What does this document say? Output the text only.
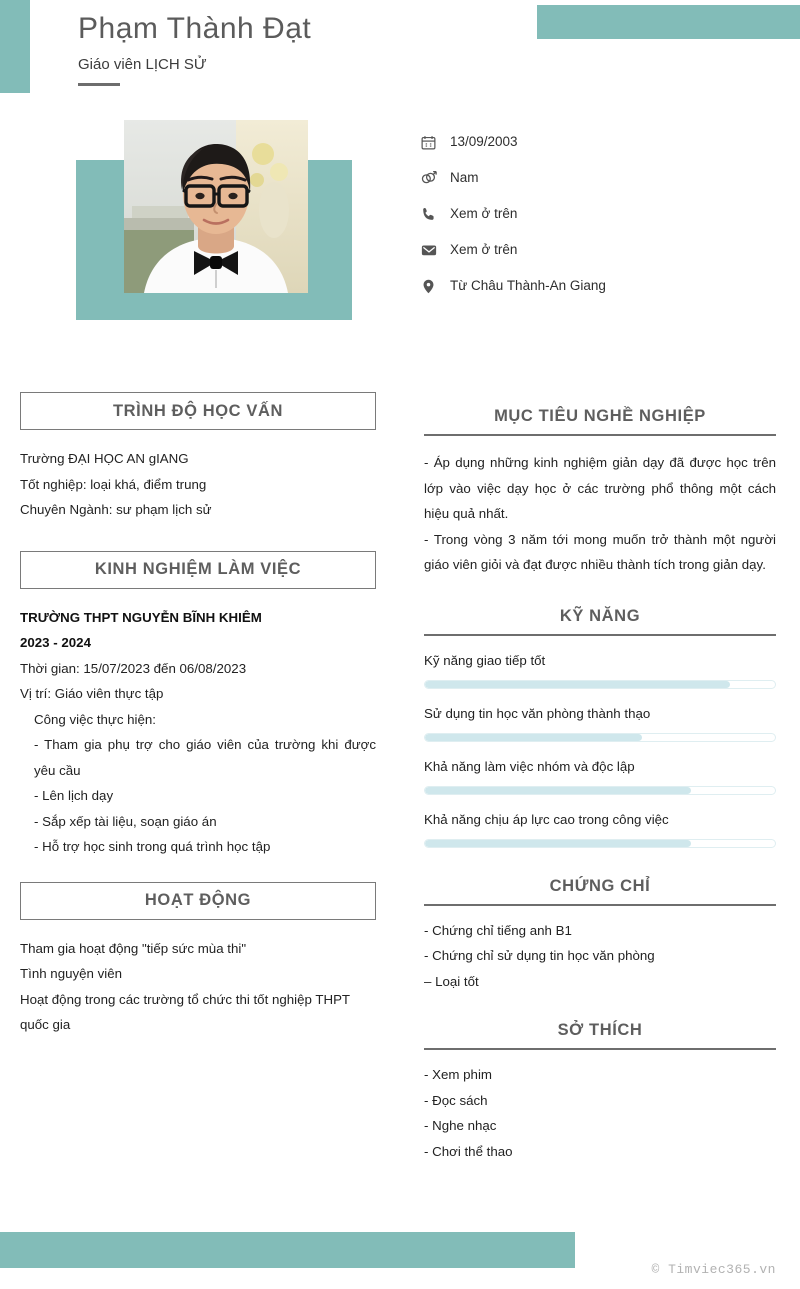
Phạm Thành Đạt
Giáo viên LỊCH SỬ
13/09/2003
Nam
Xem ở trên
Xem ở trên
Từ Châu Thành-An Giang
TRÌNH ĐỘ HỌC VẤN
Trường ĐẠI HỌC AN gIANG
Tốt nghiệp: loại khá, điểm trung
Chuyên Ngành: sư phạm lịch sử
KINH NGHIỆM LÀM VIỆC
TRƯỜNG THPT NGUYỄN BĨNH KHIÊM
2023 - 2024
Thời gian: 15/07/2023 đến 06/08/2023
Vị trí: Giáo viên thực tập
Công việc thực hiện:
- Tham gia phụ trợ cho giáo viên của trường khi được yêu cầu
- Lên lịch dạy
- Sắp xếp tài liệu, soạn giáo án
- Hỗ trợ học sinh trong quá trình học tập
HOẠT ĐỘNG
Tham gia hoạt động "tiếp sức mùa thi"
Tình nguyện viên
Hoạt động trong các trường tổ chức thi tốt nghiệp THPT quốc gia
MỤC TIÊU NGHỀ NGHIỆP
- Áp dụng những kinh nghiệm giản dạy đã được học trên lớp vào việc dạy học ở các trường phổ thông một cách hiệu quả nhất.
- Trong vòng 3 năm tới mong muốn trở thành một người giáo viên giỏi và đạt được nhiều thành tích trong giản dạy.
KỸ NĂNG
Kỹ năng giao tiếp tốt
Sử dụng tin học văn phòng thành thạo
Khả năng làm việc nhóm và độc lập
Khả năng chịu áp lực cao trong công việc
CHỨNG CHỈ
- Chứng chỉ tiếng anh B1
- Chứng chỉ sử dụng tin học văn phòng
– Loại tốt
SỞ THÍCH
- Xem phim
- Đọc sách
- Nghe nhạc
- Chơi thể thao
© Timviec365.vn
